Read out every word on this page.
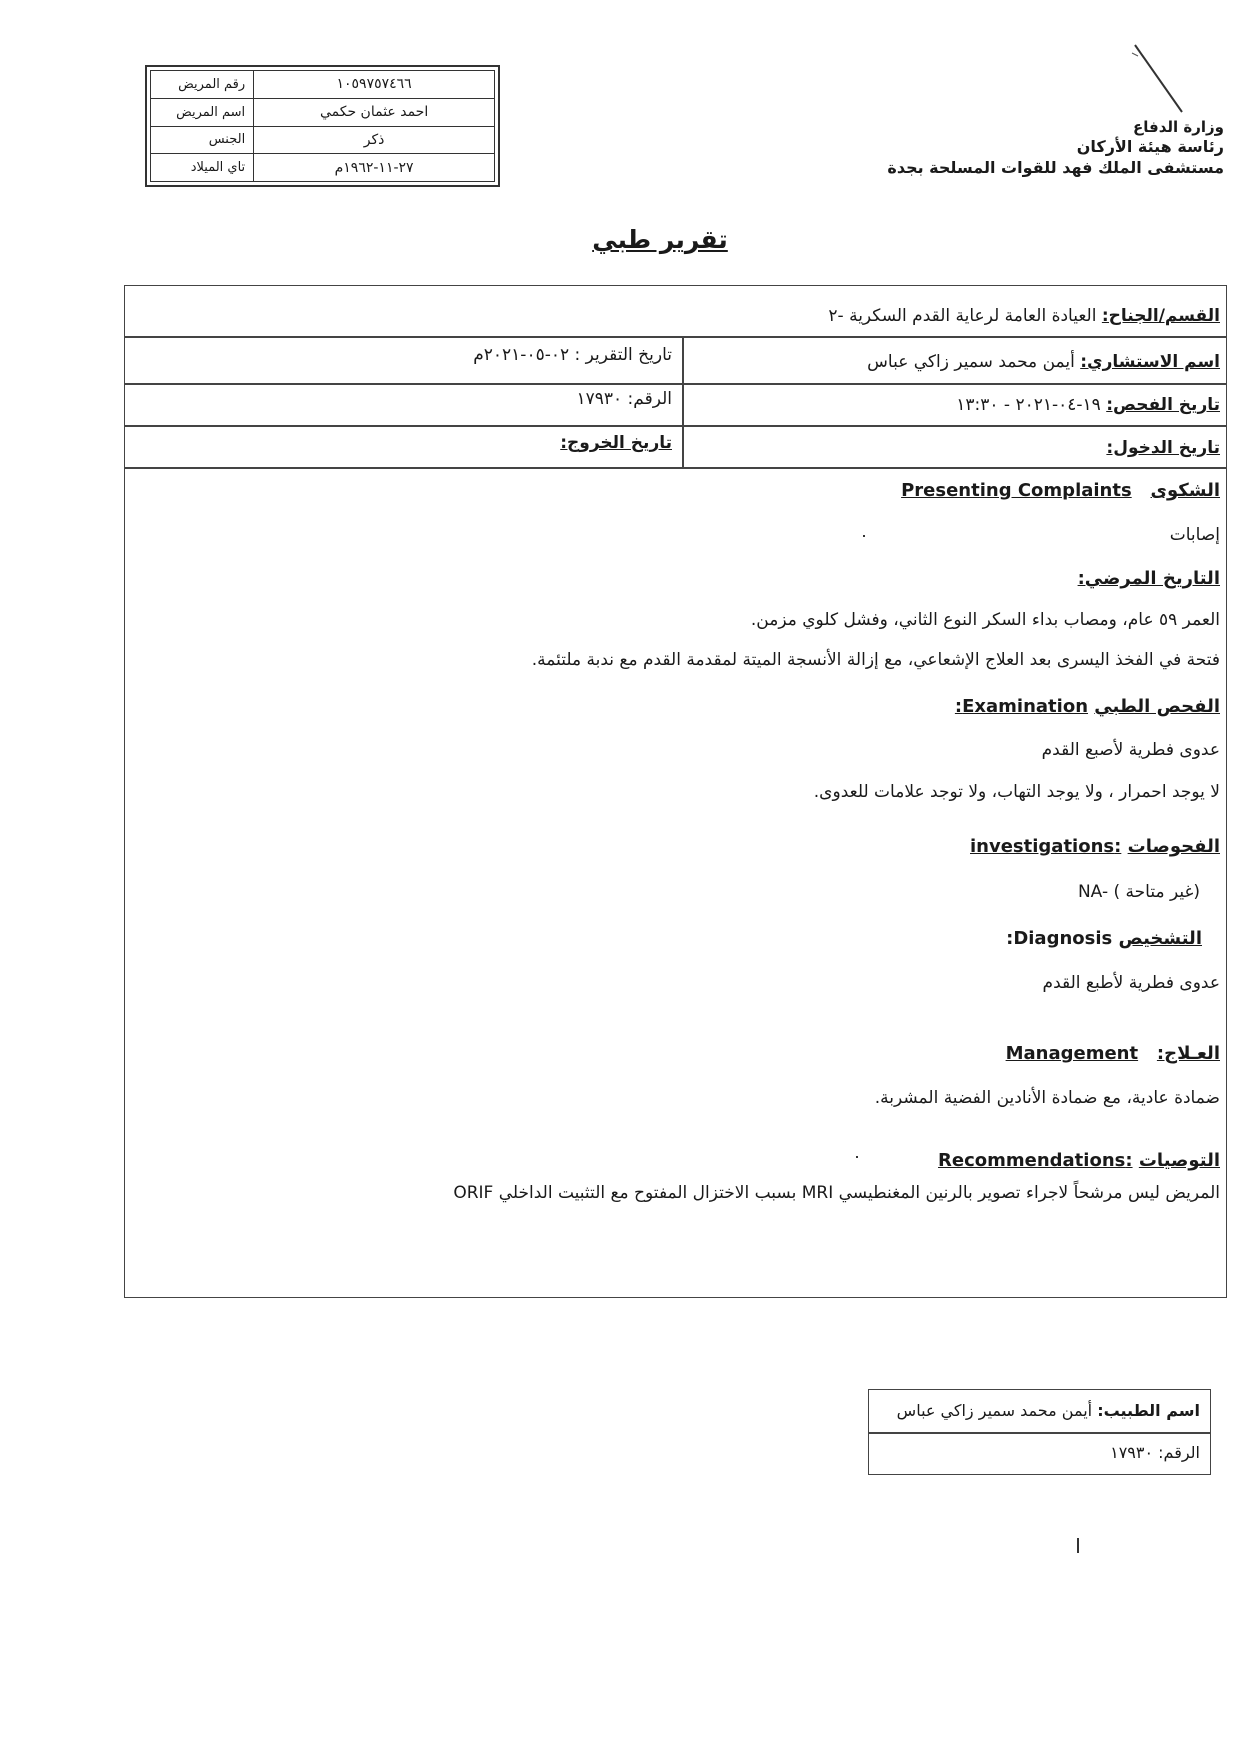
رقم المريض	١٠٥٩٧٥٧٤٦٦
اسم المريض	احمد عثمان حكمي
الجنس	ذكر
تاي الميلاد	٢٧-١١-١٩٦٢م
وزارة الدفاع
رئاسة هيئة الأركان
مستشفى الملك فهد للقوات المسلحة بجدة
تقرير طبي
القسم/الجناح: العيادة العامة لرعاية القدم السكرية -٢
اسم الاستشاري: أيمن محمد سمير زاكي عباس
تاريخ التقرير : ٠٢-٠٥-٢٠٢١م
تاريخ الفحص: ١٩-٠٤-٢٠٢١ - ١٣:٣٠
الرقم: ١٧٩٣٠
تاريخ الدخول:
تاريخ الخروج:
الشكوى   Presenting Complaints
إصابات
التاريخ المرضي:
العمر ٥٩ عام، ومصاب بداء السكر النوع الثاني، وفشل كلوي مزمن.
فتحة في الفخذ اليسرى بعد العلاج الإشعاعي، مع إزالة الأنسجة الميتة لمقدمة القدم مع ندبة ملتئمة.
الفحص الطبي Examination:
عدوى فطرية لأصبع القدم
لا يوجد احمرار ، ولا يوجد التهاب، ولا توجد علامات للعدوى.
الفحوصات :investigations
NA- ( غير متاحة)
التشخيص Diagnosis:
عدوى فطرية لأطبع القدم
العـلاج:   Management
ضمادة عادية، مع ضمادة الأنادين الفضية المشربة.
التوصيات :Recommendations
المريض ليس مرشحاً لاجراء تصوير بالرنين المغنطيسي MRI بسبب الاختزال المفتوح مع التثبيت الداخلي ORIF
اسم الطبيب: أيمن محمد سمير زاكي عباس
الرقم: ١٧٩٣٠
